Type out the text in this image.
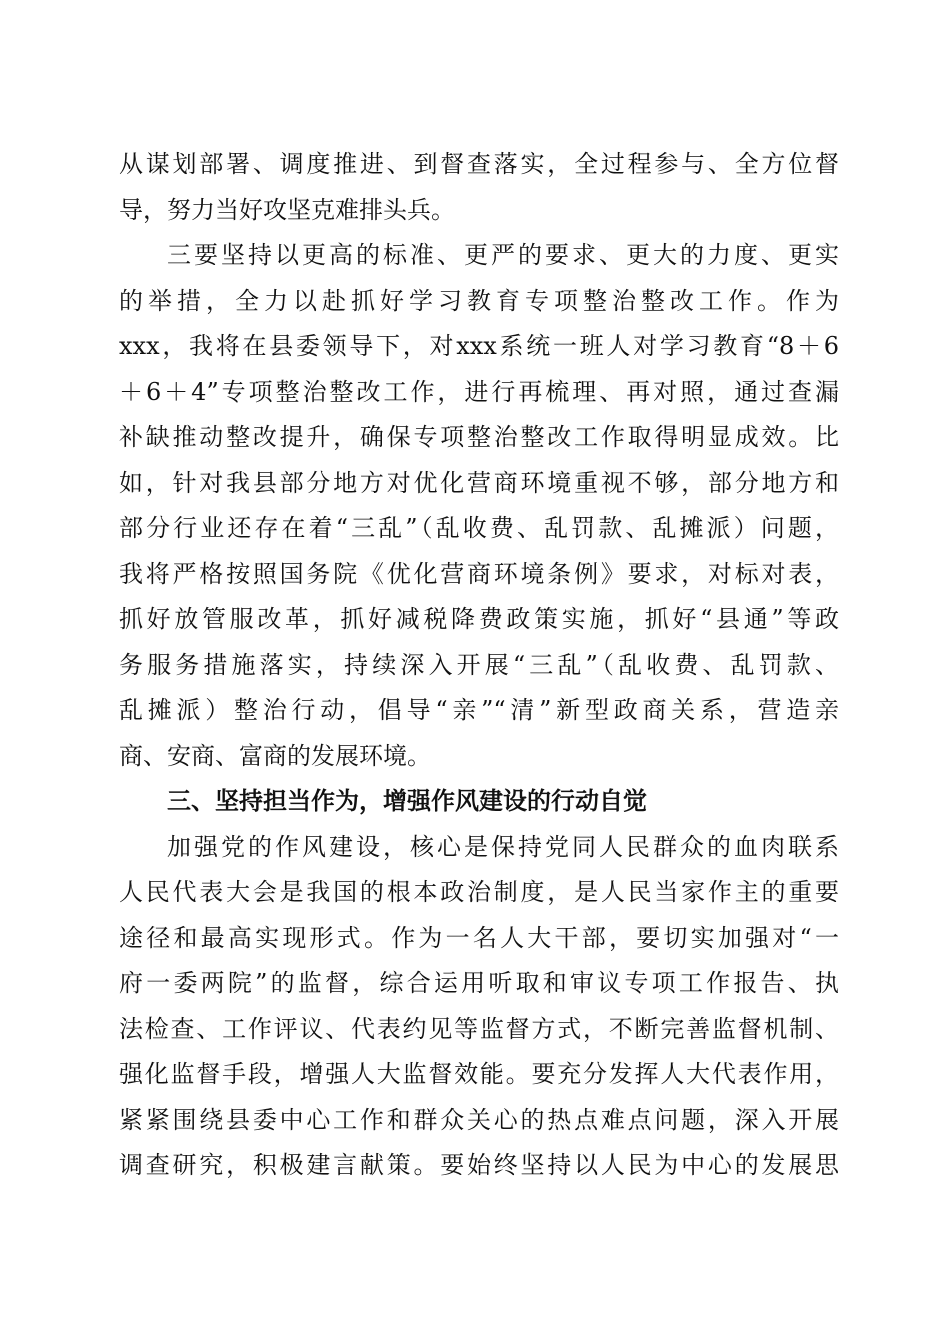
从谋划部署、调度推进、到督查落实，全过程参与、全方位督
导，努力当好攻坚克难排头兵。
三要坚持以更高的标准、更严的要求、更大的力度、更实
的举措，全力以赴抓好学习教育专项整治整改工作。作为
xxx，我将在县委领导下，对xxx系统一班人对学习教育“8＋6
＋6＋4”专项整治整改工作，进行再梳理、再对照，通过查漏
补缺推动整改提升，确保专项整治整改工作取得明显成效。比
如，针对我县部分地方对优化营商环境重视不够，部分地方和
部分行业还存在着“三乱”（乱收费、乱罚款、乱摊派）问题，
我将严格按照国务院《优化营商环境条例》要求，对标对表，
抓好放管服改革，抓好减税降费政策实施，抓好“县通”等政
务服务措施落实，持续深入开展“三乱”（乱收费、乱罚款、
乱摊派）整治行动，倡导“亲”“清”新型政商关系，营造亲
商、安商、富商的发展环境。
三、坚持担当作为，增强作风建设的行动自觉
加强党的作风建设，核心是保持党同人民群众的血肉联系
人民代表大会是我国的根本政治制度，是人民当家作主的重要
途径和最高实现形式。作为一名人大干部，要切实加强对“一
府一委两院”的监督，综合运用听取和审议专项工作报告、执
法检查、工作评议、代表约见等监督方式，不断完善监督机制、
强化监督手段，增强人大监督效能。要充分发挥人大代表作用，
紧紧围绕县委中心工作和群众关心的热点难点问题，深入开展
调查研究，积极建言献策。要始终坚持以人民为中心的发展思
